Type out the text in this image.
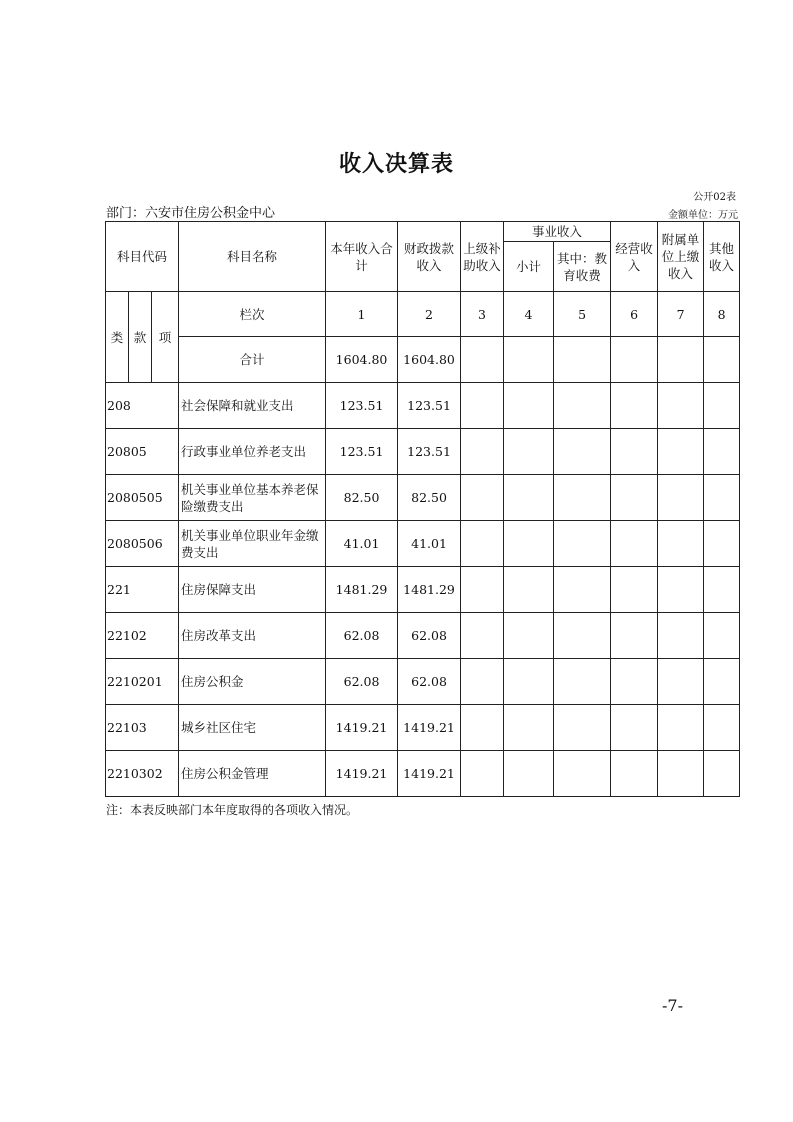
收入决算表
公开02表
部门：六安市住房公积金中心	金额单位：万元
科目代码			科目名称	本年收入合计	财政拨款收入	上级补助收入	事业收入		经营收入	附属单位上缴收入	其他收入
							小计	其中：教育收费			
类	款	项	栏次	1	2	3	4	5	6	7	8
			合计	1604.80	1604.80						
208			社会保障和就业支出	123.51	123.51						
20805			行政事业单位养老支出	123.51	123.51						
2080505			机关事业单位基本养老保险缴费支出	82.50	82.50						
2080506			机关事业单位职业年金缴费支出	41.01	41.01						
221			住房保障支出	1481.29	1481.29						
22102			住房改革支出	62.08	62.08						
2210201			住房公积金	62.08	62.08						
22103			城乡社区住宅	1419.21	1419.21						
2210302			住房公积金管理	1419.21	1419.21						
注：本表反映部门本年度取得的各项收入情况。
-7-
